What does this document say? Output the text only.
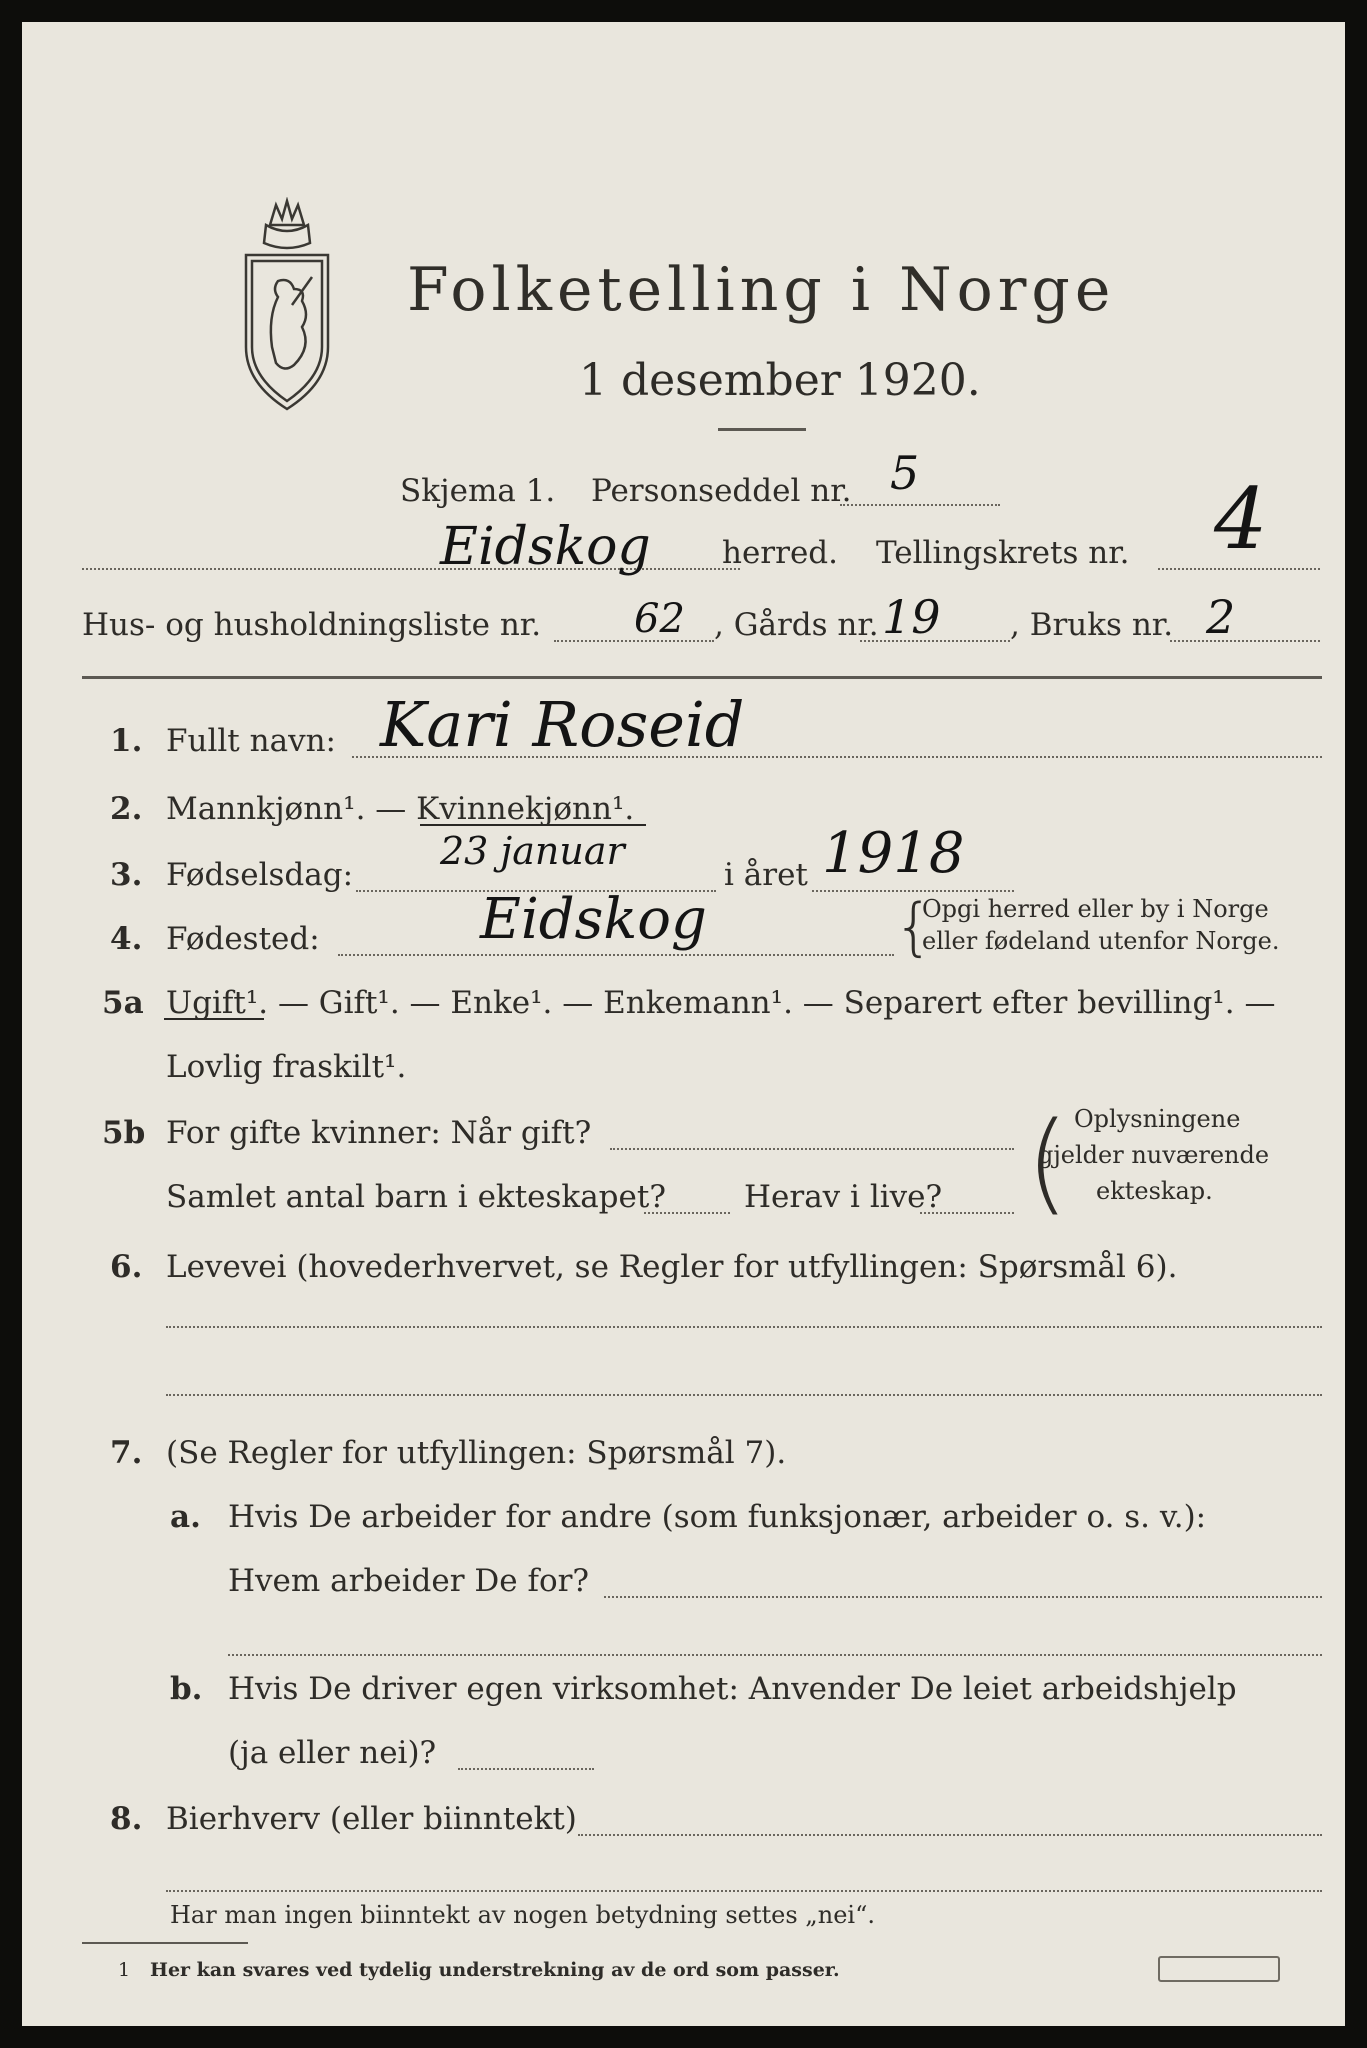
Folketelling i Norge
1 desember 1920.
Skjema 1. Personseddel nr. 5
Eidskog herred. Tellingskrets nr. 4
Hus- og husholdningsliste nr. 62 , Gårds nr. 19 , Bruks nr. 2
1. Fullt navn: Kari Roseid
2. Mannkjønn¹. — Kvinnekjønn¹.
3. Fødselsdag:
23 januar
i året 1918
4. Fødested:	Eidskog	{
Opgi herred eller by i Norge
eller fødeland utenfor Norge.
5a Ugift¹. — Gift¹. — Enke¹. — Enkemann¹. — Separert efter bevilling¹. —
Lovlig fraskilt¹.
5b For gifte kvinner: Når gift?
Samlet antal barn i ekteskapet?	Herav i live? ( Oplysningene
gjelder nuværende
ekteskap.
6. Levevei (hovederhvervet, se Regler for utfyllingen: Spørsmål 6).
7. (Se Regler for utfyllingen: Spørsmål 7).
a. Hvis De arbeider for andre (som funksjonær, arbeider o. s. v.):
Hvem arbeider De for?
b. Hvis De driver egen virksomhet: Anvender De leiet arbeidshjelp
(ja eller nei)?
8. Bierhverv (eller biinntekt)
Har man ingen biinntekt av nogen betydning settes „nei“.
1 Her kan svares ved tydelig understrekning av de ord som passer.
